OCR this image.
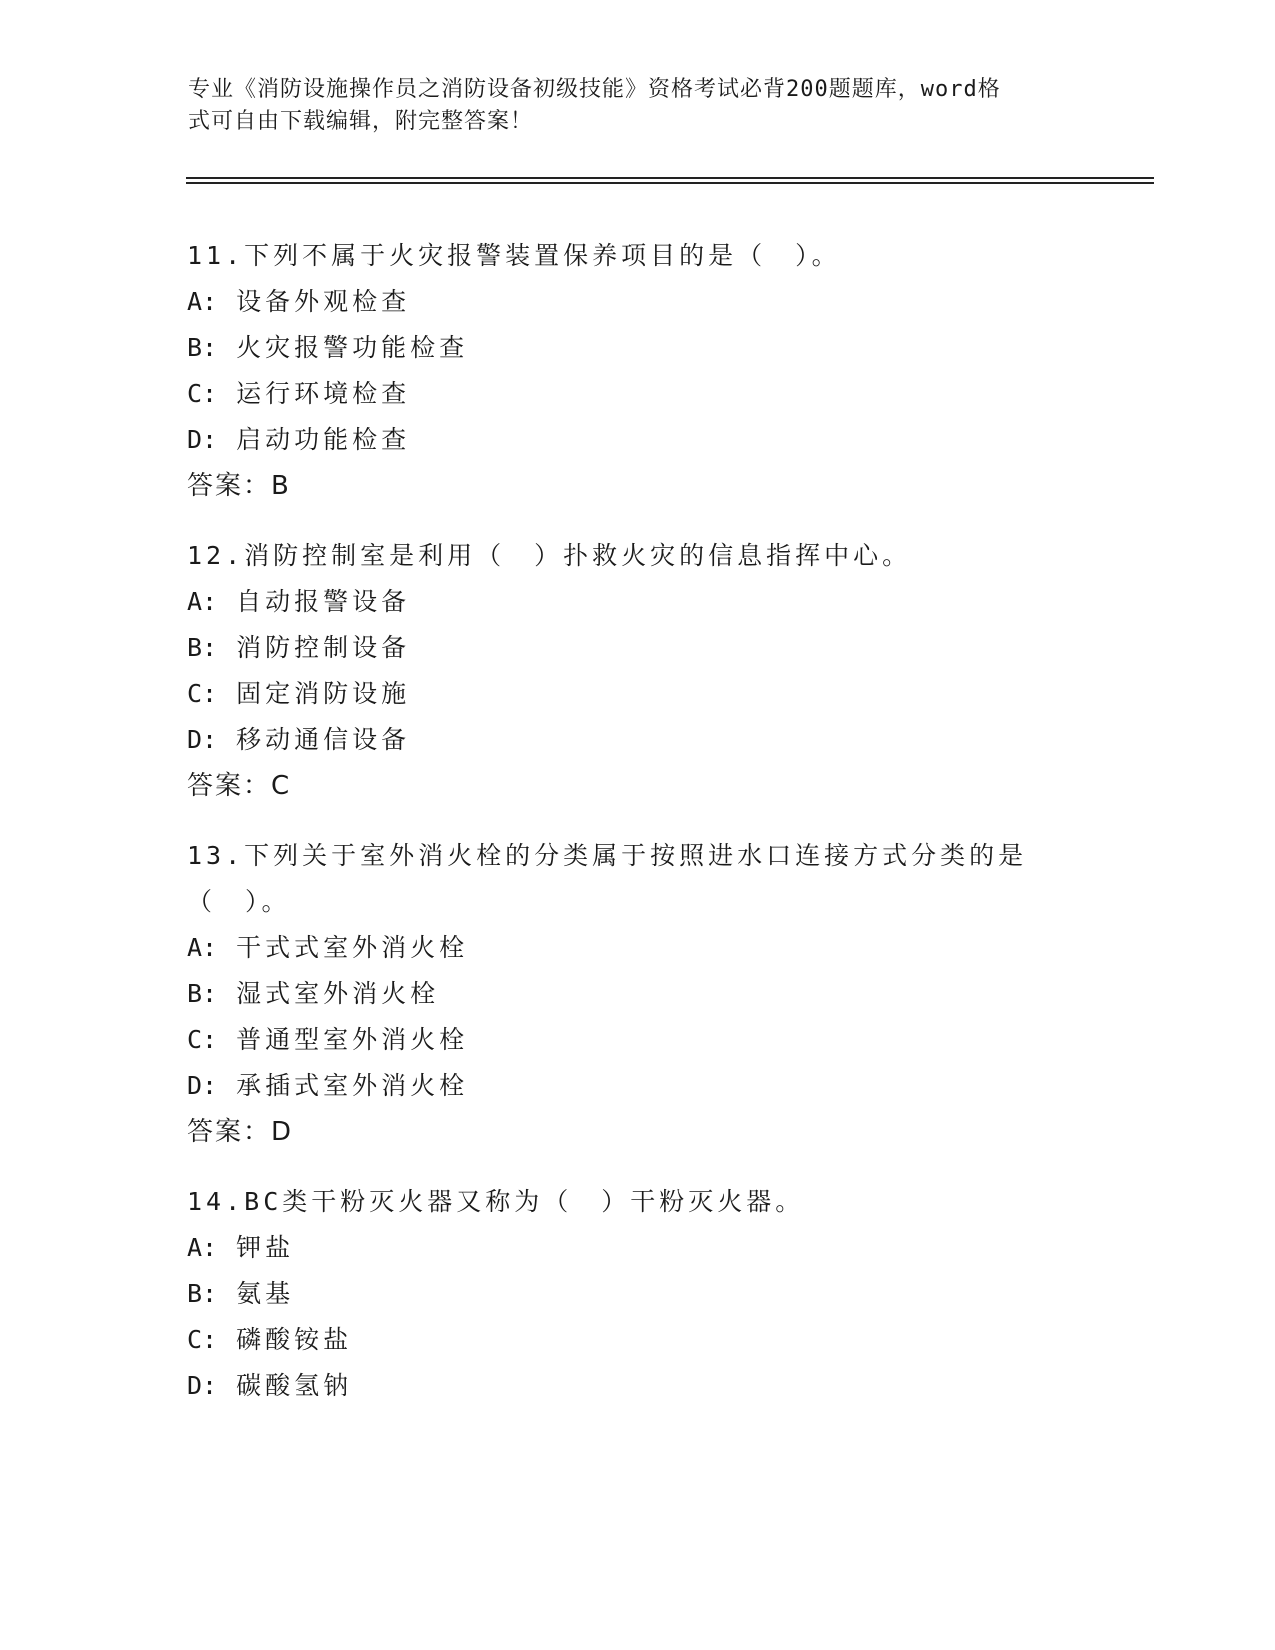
专业《消防设施操作员之消防设备初级技能》资格考试必背200题题库，word格
式可自由下载编辑，附完整答案！
11.下列不属于火灾报警装置保养项目的是（　）。
A: 设备外观检查
B: 火灾报警功能检查
C: 运行环境检查
D: 启动功能检查
答案：B
12.消防控制室是利用（　）扑救火灾的信息指挥中心。
A: 自动报警设备
B: 消防控制设备
C: 固定消防设施
D: 移动通信设备
答案：C
13.下列关于室外消火栓的分类属于按照进水口连接方式分类的是（　）。
A: 干式式室外消火栓
B: 湿式室外消火栓
C: 普通型室外消火栓
D: 承插式室外消火栓
答案：D
14.BC类干粉灭火器又称为（　）干粉灭火器。
A: 钾盐
B: 氨基
C: 磷酸铵盐
D: 碳酸氢钠
